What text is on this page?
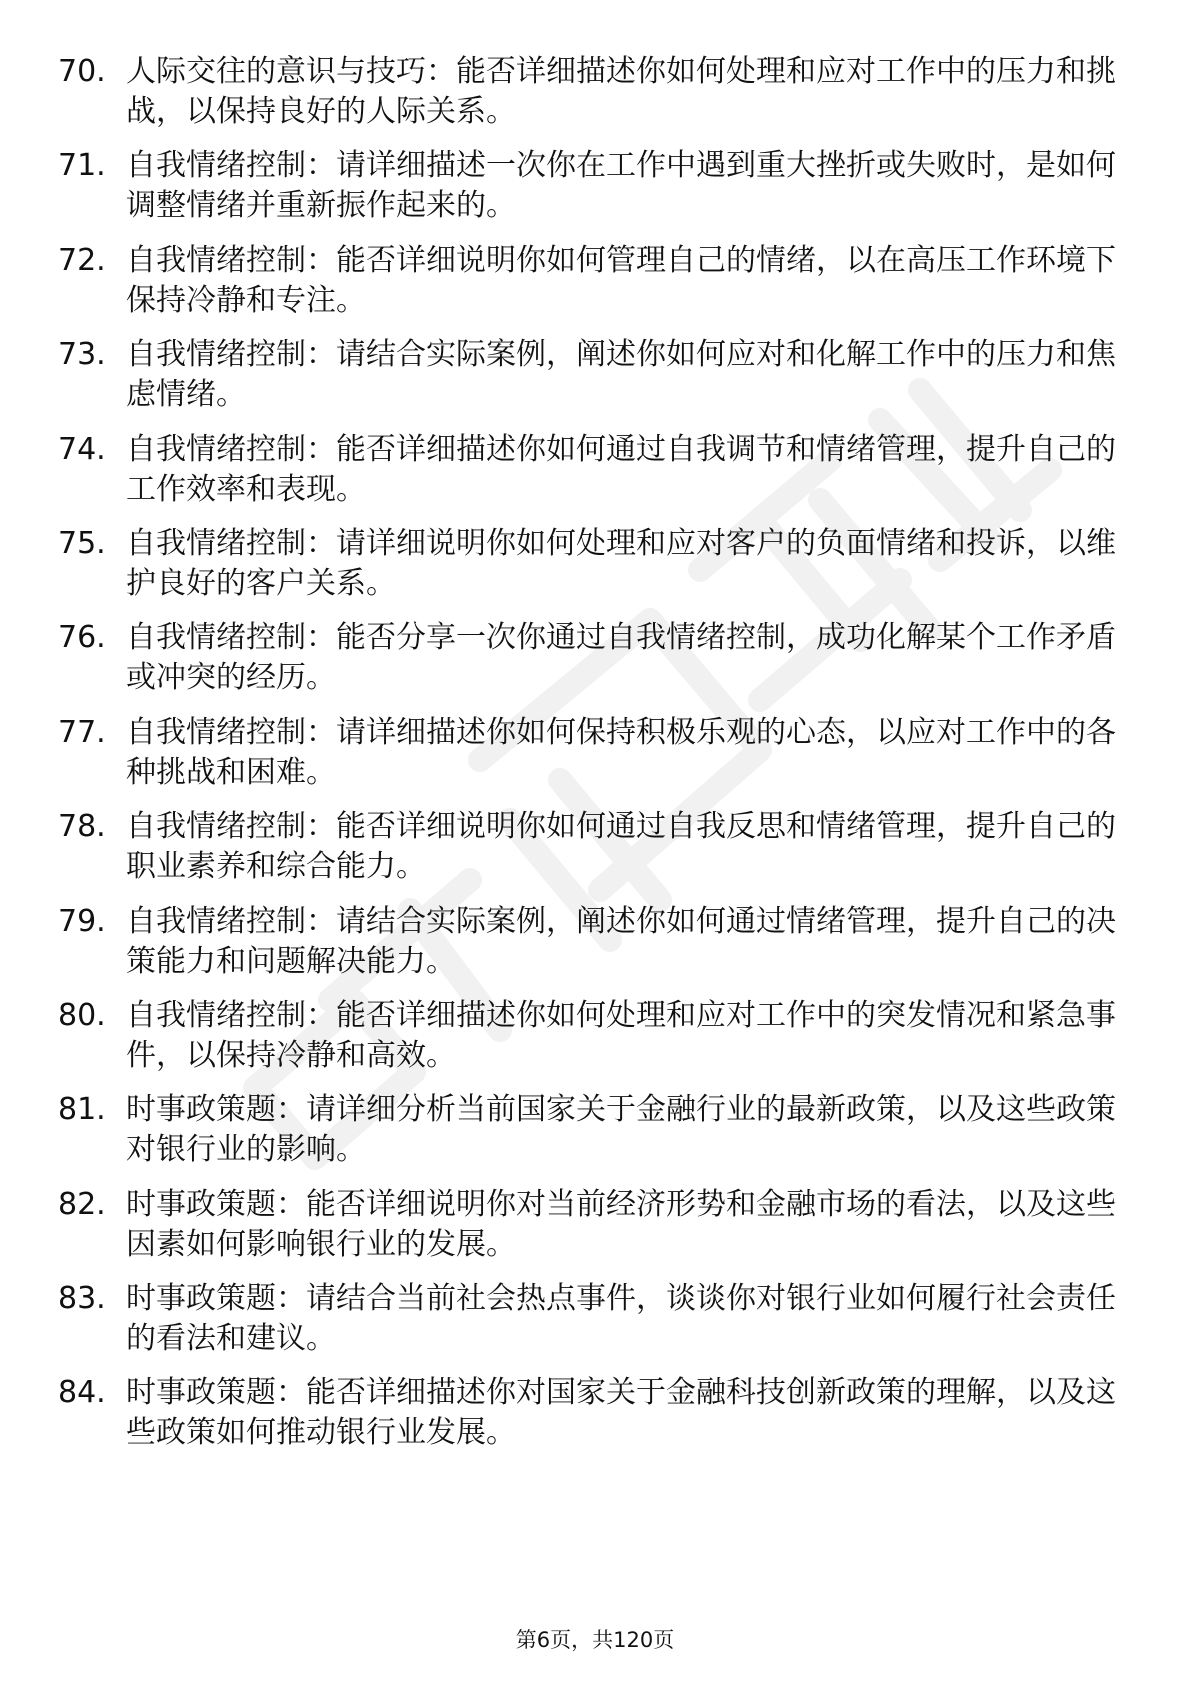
70. 人际交往的意识与技巧：能否详细描述你如何处理和应对工作中的压力和挑战，以保持良好的人际关系。
71. 自我情绪控制：请详细描述一次你在工作中遇到重大挫折或失败时，是如何调整情绪并重新振作起来的。
72. 自我情绪控制：能否详细说明你如何管理自己的情绪，以在高压工作环境下保持冷静和专注。
73. 自我情绪控制：请结合实际案例，阐述你如何应对和化解工作中的压力和焦虑情绪。
74. 自我情绪控制：能否详细描述你如何通过自我调节和情绪管理，提升自己的工作效率和表现。
75. 自我情绪控制：请详细说明你如何处理和应对客户的负面情绪和投诉，以维护良好的客户关系。
76. 自我情绪控制：能否分享一次你通过自我情绪控制，成功化解某个工作矛盾或冲突的经历。
77. 自我情绪控制：请详细描述你如何保持积极乐观的心态，以应对工作中的各种挑战和困难。
78. 自我情绪控制：能否详细说明你如何通过自我反思和情绪管理，提升自己的职业素养和综合能力。
79. 自我情绪控制：请结合实际案例，阐述你如何通过情绪管理，提升自己的决策能力和问题解决能力。
80. 自我情绪控制：能否详细描述你如何处理和应对工作中的突发情况和紧急事件，以保持冷静和高效。
81. 时事政策题：请详细分析当前国家关于金融行业的最新政策，以及这些政策对银行业的影响。
82. 时事政策题：能否详细说明你对当前经济形势和金融市场的看法，以及这些因素如何影响银行业的发展。
83. 时事政策题：请结合当前社会热点事件，谈谈你对银行业如何履行社会责任的看法和建议。
84. 时事政策题：能否详细描述你对国家关于金融科技创新政策的理解，以及这些政策如何推动银行业发展。
第6页，共120页
